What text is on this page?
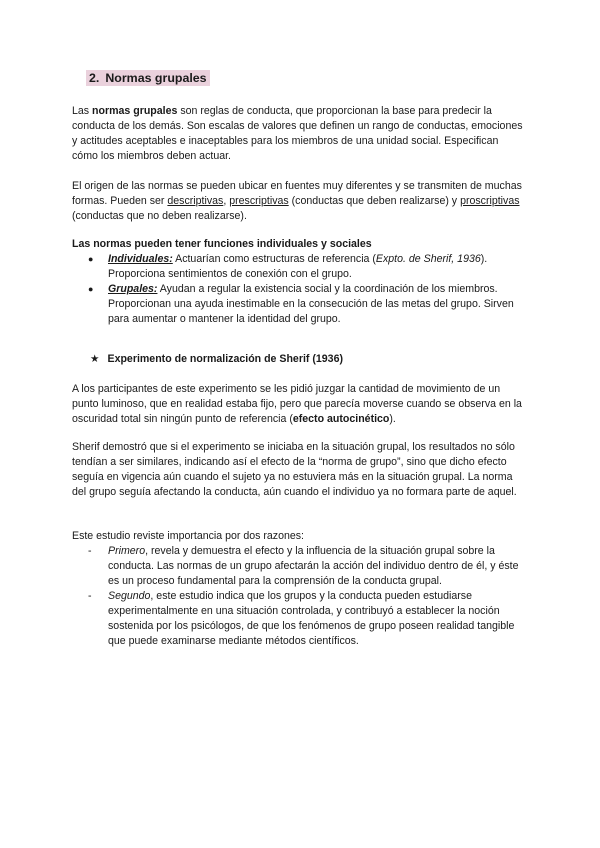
2. Normas grupales

Las normas grupales son reglas de conducta, que proporcionan la base para predecir la conducta de los demás. Son escalas de valores que definen un rango de conductas, emociones y actitudes aceptables e inaceptables para los miembros de una unidad social. Especifican cómo los miembros deben actuar.

El origen de las normas se pueden ubicar en fuentes muy diferentes y se transmiten de muchas formas. Pueden ser descriptivas, prescriptivas (conductas que deben realizarse) y proscriptivas (conductas que no deben realizarse).

Las normas pueden tener funciones individuales y sociales
● Individuales: Actuarían como estructuras de referencia (Expto. de Sherif, 1936). Proporciona sentimientos de conexión con el grupo.
● Grupales: Ayudan a regular la existencia social y la coordinación de los miembros. Proporcionan una ayuda inestimable en la consecución de las metas del grupo. Sirven para aumentar o mantener la identidad del grupo.
★ Experimento de normalización de Sherif (1936)

A los participantes de este experimento se les pidió juzgar la cantidad de movimiento de un punto luminoso, que en realidad estaba fijo, pero que parecía moverse cuando se observa en la oscuridad total sin ningún punto de referencia (efecto autocinético).

Sherif demostró que si el experimento se iniciaba en la situación grupal, los resultados no sólo tendían a ser similares, indicando así el efecto de la “norma de grupo”, sino que dicho efecto seguía en vigencia aún cuando el sujeto ya no estuviera más en la situación grupal. La norma del grupo seguía afectando la conducta, aún cuando el individuo ya no formara parte de aquel.

Este estudio reviste importancia por dos razones:

- Primero, revela y demuestra el efecto y la influencia de la situación grupal sobre la conducta. Las normas de un grupo afectarán la acción del individuo dentro de él, y éste es un proceso fundamental para la comprensión de la conducta grupal.
- Segundo, este estudio indica que los grupos y la conducta pueden estudiarse experimentalmente en una situación controlada, y contribuyó a establecer la noción sostenida por los psicólogos, de que los fenómenos de grupo poseen realidad tangible que puede examinarse mediante métodos científicos.
